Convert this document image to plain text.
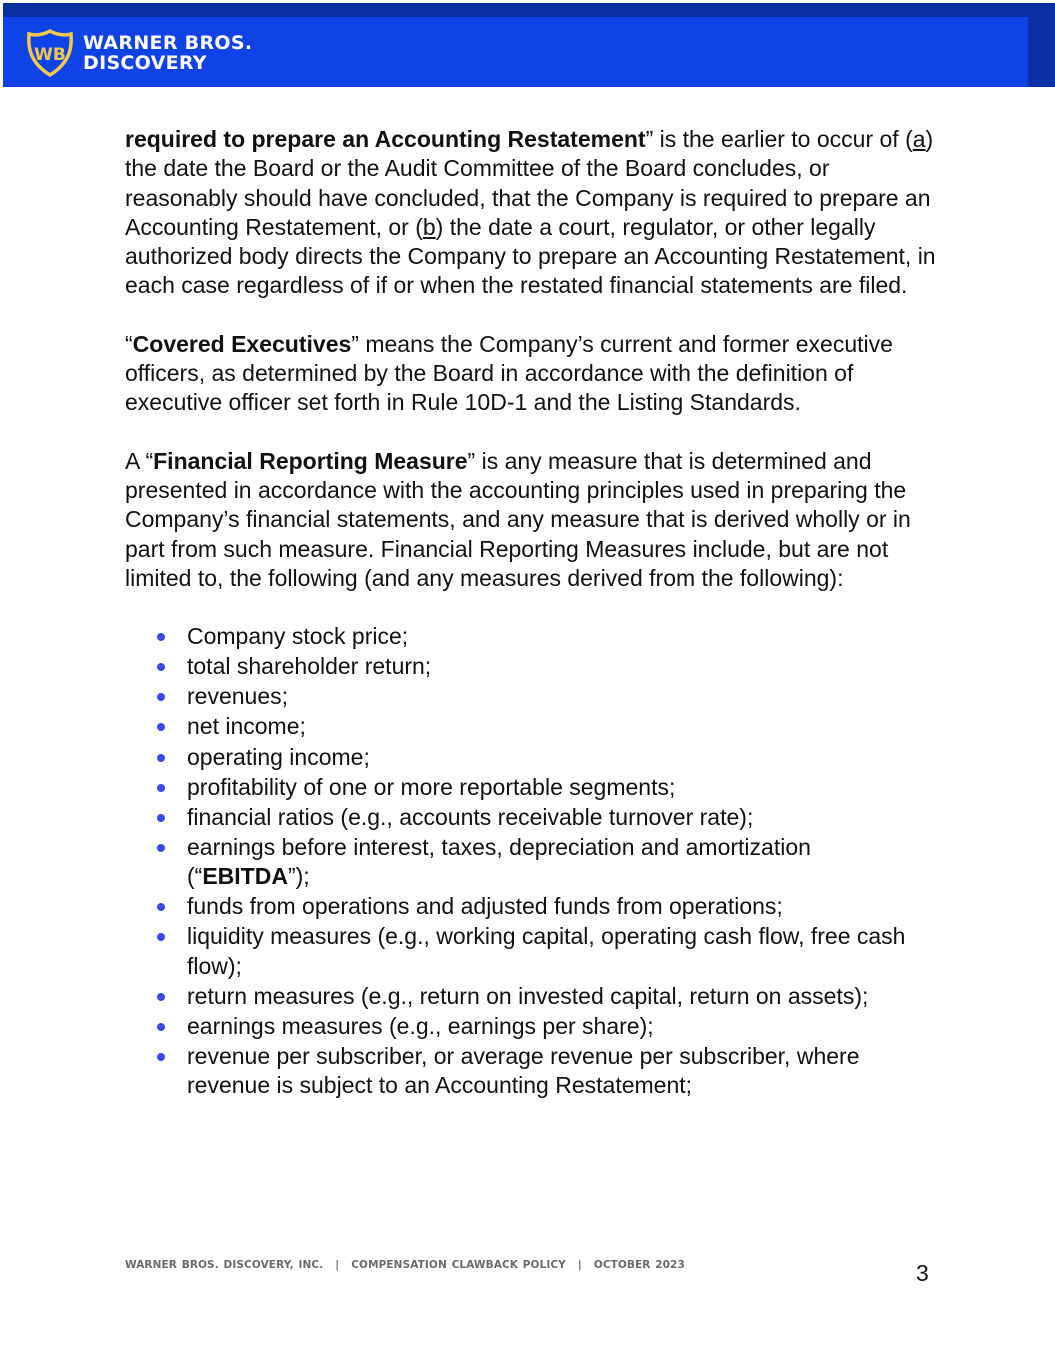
WB
WARNER BROS.
DISCOVERY

required to prepare an Accounting Restatement” is the earlier to occur of (a) the date the Board or the Audit Committee of the Board concludes, or reasonably should have concluded, that the Company is required to prepare an Accounting Restatement, or (b) the date a court, regulator, or other legally authorized body directs the Company to prepare an Accounting Restatement, in each case regardless of if or when the restated financial statements are filed.

“Covered Executives” means the Company’s current and former executive officers, as determined by the Board in accordance with the definition of executive officer set forth in Rule 10D-1 and the Listing Standards.

A “Financial Reporting Measure” is any measure that is determined and presented in accordance with the accounting principles used in preparing the Company’s financial statements, and any measure that is derived wholly or in part from such measure. Financial Reporting Measures include, but are not limited to, the following (and any measures derived from the following):

Company stock price;
total shareholder return;
revenues;
net income;
operating income;
profitability of one or more reportable segments;
financial ratios (e.g., accounts receivable turnover rate);
earnings before interest, taxes, depreciation and amortization
(“EBITDA”);
funds from operations and adjusted funds from operations;
liquidity measures (e.g., working capital, operating cash flow, free cash flow);
return measures (e.g., return on invested capital, return on assets);
earnings measures (e.g., earnings per share);
revenue per subscriber, or average revenue per subscriber, where revenue is subject to an Accounting Restatement;
WARNER BROS. DISCOVERY, INC. | COMPENSATION CLAWBACK POLICY | OCTOBER 2023	3
